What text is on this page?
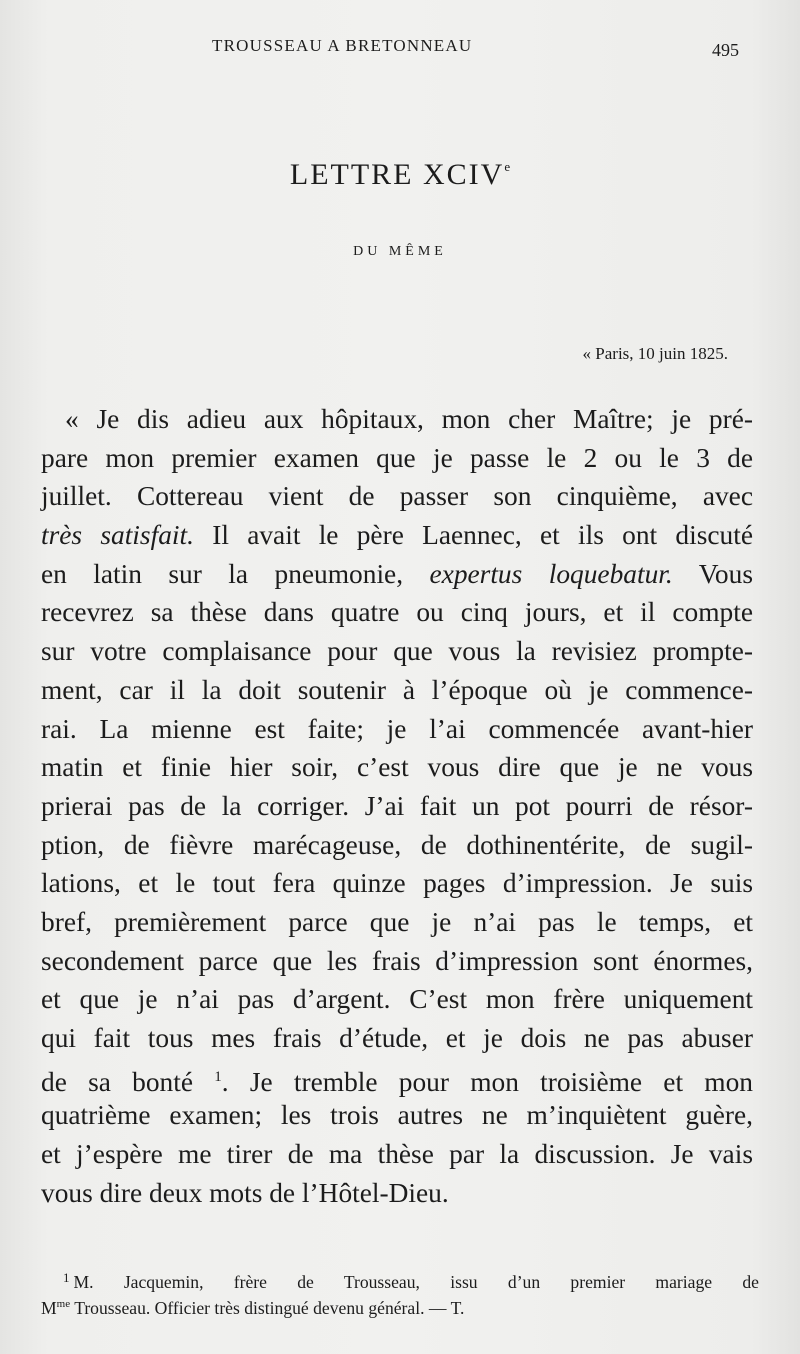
TROUSSEAU A BRETONNEAU	495
LETTRE XCIVe
DU MÊME
« Paris, 10 juin 1825.
« Je dis adieu aux hôpitaux, mon cher Maître; je pré-
pare mon premier examen que je passe le 2 ou le 3 de
juillet. Cottereau vient de passer son cinquième, avec
très satisfait. Il avait le père Laennec, et ils ont discuté
en latin sur la pneumonie, expertus loquebatur. Vous
recevrez sa thèse dans quatre ou cinq jours, et il compte
sur votre complaisance pour que vous la revisiez prompte-
ment, car il la doit soutenir à l’époque où je commence-
rai. La mienne est faite; je l’ai commencée avant-hier
matin et finie hier soir, c’est vous dire que je ne vous
prierai pas de la corriger. J’ai fait un pot pourri de résor-
ption, de fièvre marécageuse, de dothinentérite, de sugil-
lations, et le tout fera quinze pages d’impression. Je suis
bref, premièrement parce que je n’ai pas le temps, et
secondement parce que les frais d’impression sont énormes,
et que je n’ai pas d’argent. C’est mon frère uniquement
qui fait tous mes frais d’étude, et je dois ne pas abuser
de sa bonté $^1$. Je tremble pour mon troisième et mon
quatrième examen; les trois autres ne m’inquiètent guère,
et j’espère me tirer de ma thèse par la discussion. Je vais
vous dire deux mots de l’Hôtel-Dieu.
$^1$ M. Jacquemin, frère de Trousseau, issu d’un premier mariage de
$M^{me}$ Trousseau. Officier très distingué devenu général. — T.
